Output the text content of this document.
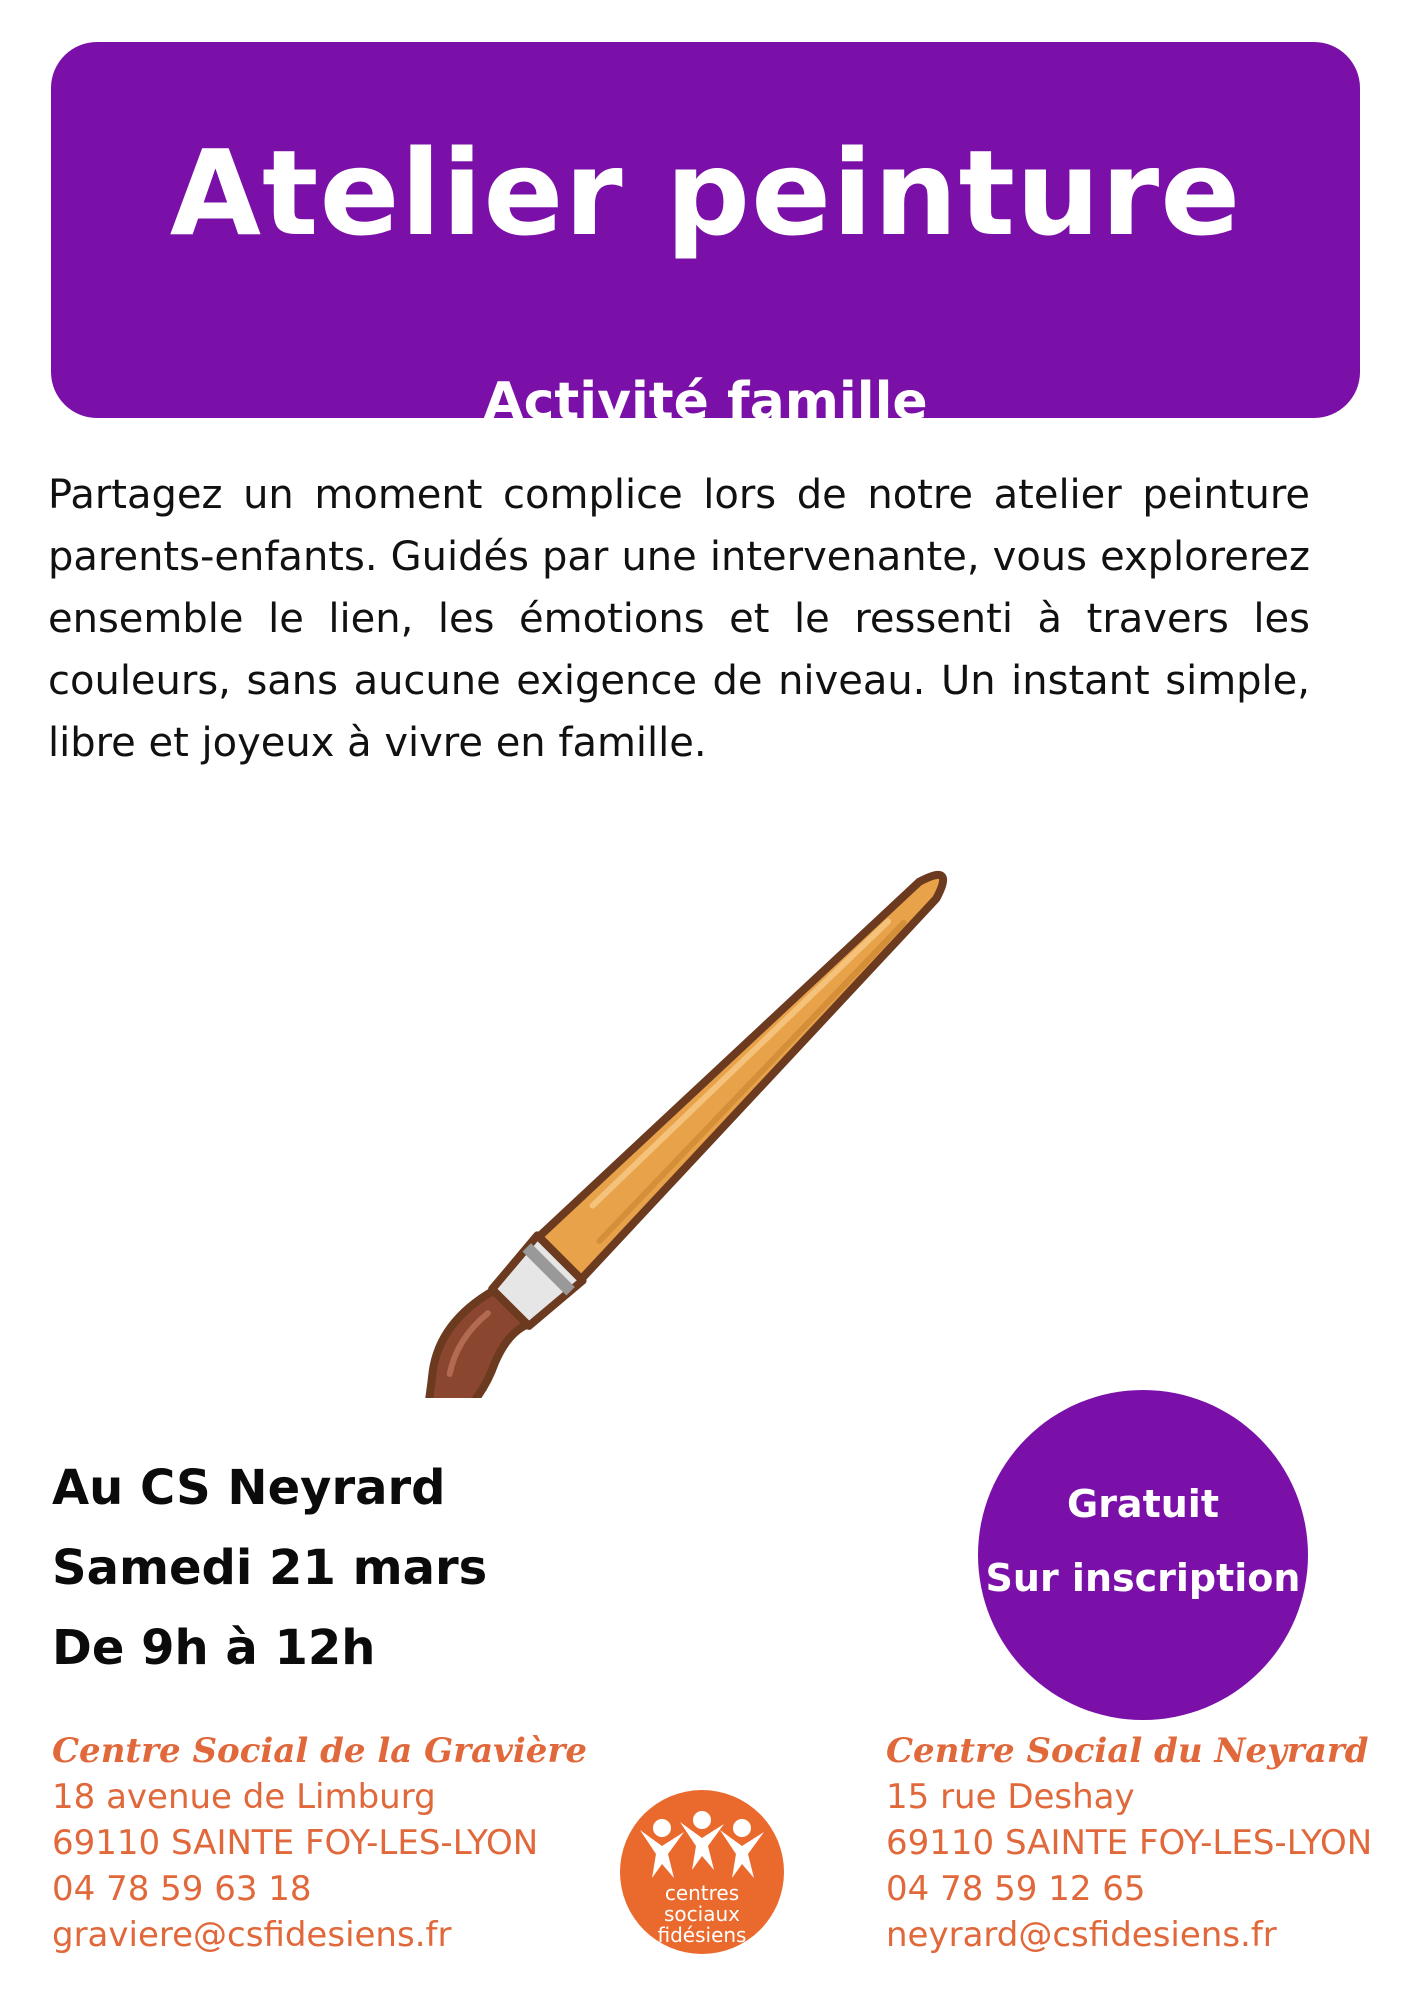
Atelier peinture
Activité famille

Partagez un moment complice lors de notre atelier peinture parents-enfants. Guidés par une intervenante, vous explorerez ensemble le lien, les émotions et le ressenti à travers les couleurs, sans aucune exigence de niveau. Un instant simple, libre et joyeux à vivre en famille.

Au CS Neyrard
Samedi 21 mars
De 9h à 12h
Gratuit
Sur inscription
Centre Social de la Gravière
18 avenue de Limburg
69110 SAINTE FOY-LES-LYON
04 78 59 63 18
graviere@csfidesiens.fr
Centre Social du Neyrard
15 rue Deshay
69110 SAINTE FOY-LES-LYON
04 78 59 12 65
neyrard@csfidesiens.fr
centres
sociaux
fidésiens
